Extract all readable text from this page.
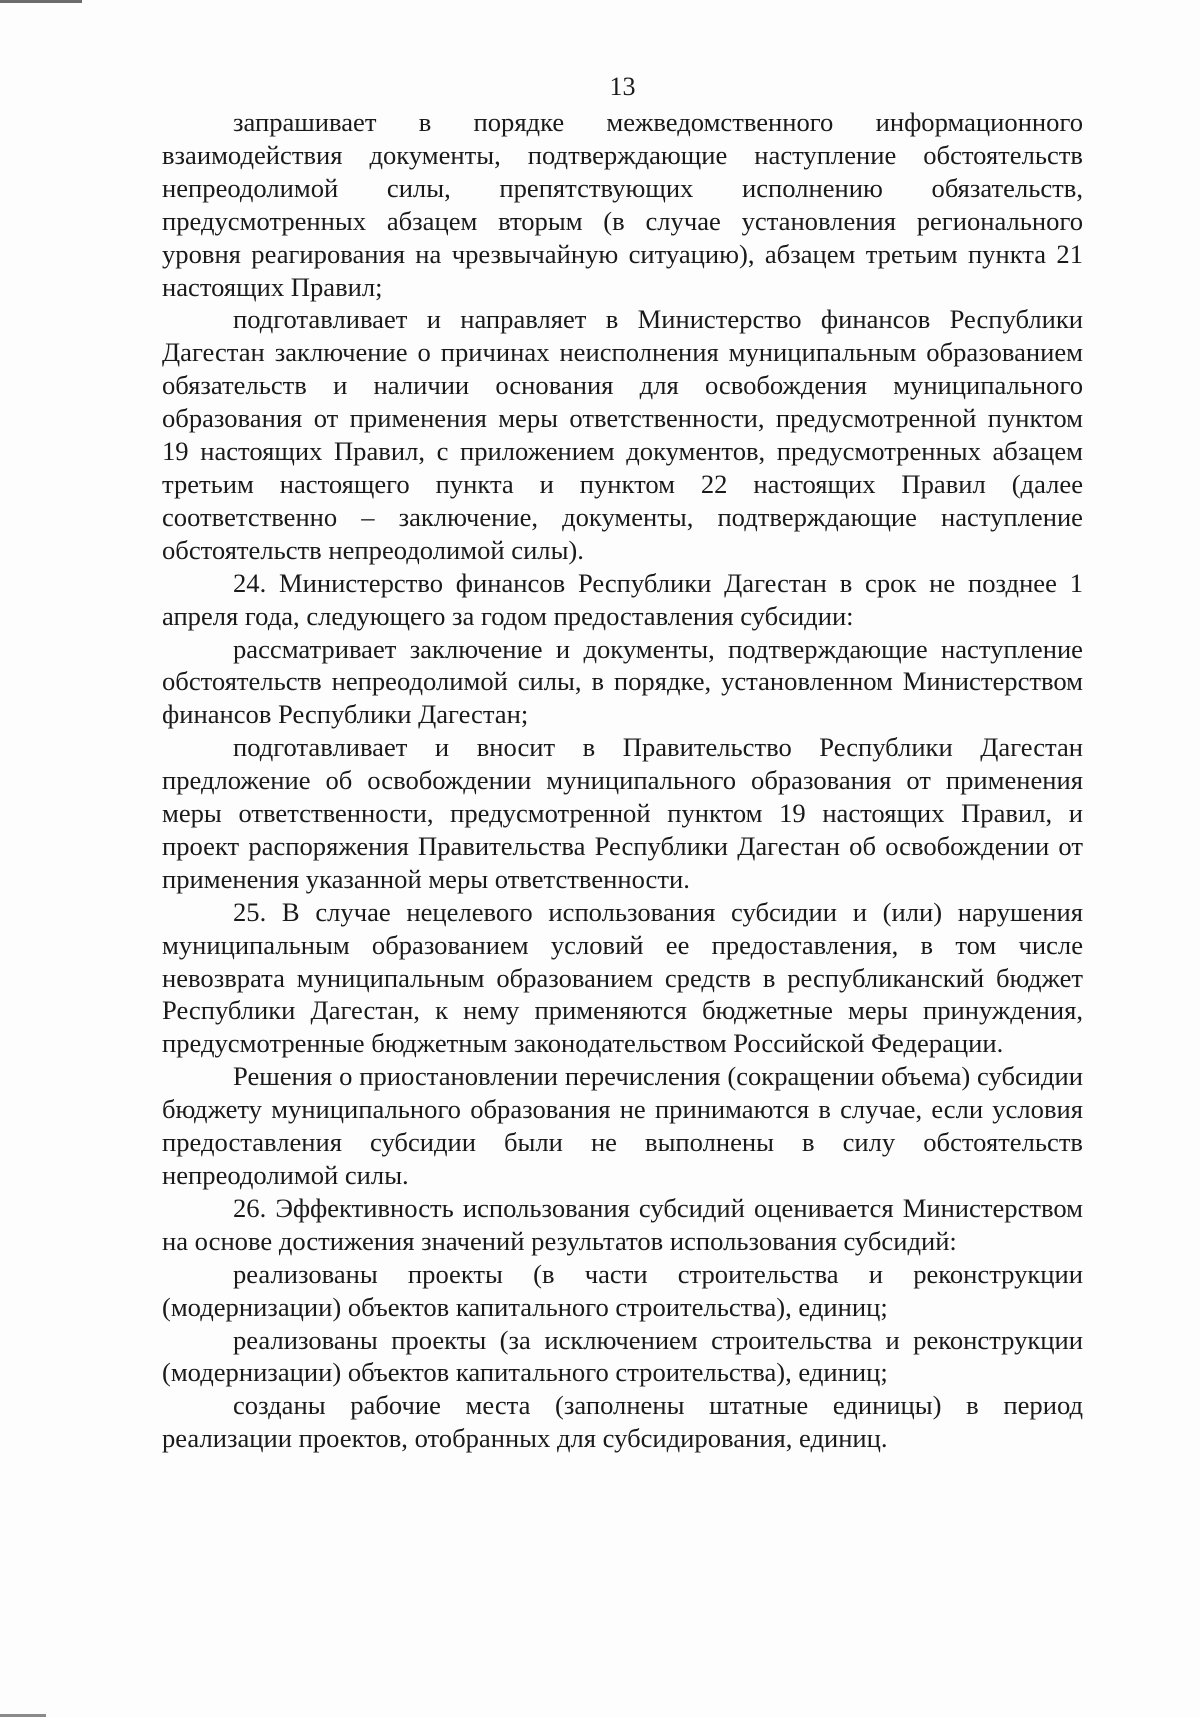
13

запрашивает в порядке межведомственного информационного взаимодействия документы, подтверждающие наступление обстоятельств непреодолимой силы, препятствующих исполнению обязательств, предусмотренных абзацем вторым (в случае установления регионального уровня реагирования на чрезвычайную ситуацию), абзацем третьим пункта 21 настоящих Правил;

подготавливает и направляет в Министерство финансов Республики Дагестан заключение о причинах неисполнения муниципальным образованием обязательств и наличии основания для освобождения муниципального образования от применения меры ответственности, предусмотренной пунктом 19 настоящих Правил, с приложением документов, предусмотренных абзацем третьим настоящего пункта и пунктом 22 настоящих Правил (далее соответственно – заключение, документы, подтверждающие наступление обстоятельств непреодолимой силы).

24. Министерство финансов Республики Дагестан в срок не позднее 1 апреля года, следующего за годом предоставления субсидии:

рассматривает заключение и документы, подтверждающие наступление обстоятельств непреодолимой силы, в порядке, установленном Министерством финансов Республики Дагестан;

подготавливает и вносит в Правительство Республики Дагестан предложение об освобождении муниципального образования от применения меры ответственности, предусмотренной пунктом 19 настоящих Правил, и проект распоряжения Правительства Республики Дагестан об освобождении от применения указанной меры ответственности.

25. В случае нецелевого использования субсидии и (или) нарушения муниципальным образованием условий ее предоставления, в том числе невозврата муниципальным образованием средств в республиканский бюджет Республики Дагестан, к нему применяются бюджетные меры принуждения, предусмотренные бюджетным законодательством Российской Федерации.

Решения о приостановлении перечисления (сокращении объема) субсидии бюджету муниципального образования не принимаются в случае, если условия предоставления субсидии были не выполнены в силу обстоятельств непреодолимой силы.

26. Эффективность использования субсидий оценивается Министерством на основе достижения значений результатов использования субсидий:

реализованы проекты (в части строительства и реконструкции (модернизации) объектов капитального строительства), единиц;

реализованы проекты (за исключением строительства и реконструкции (модернизации) объектов капитального строительства), единиц;

созданы рабочие места (заполнены штатные единицы) в период реализации проектов, отобранных для субсидирования, единиц.
